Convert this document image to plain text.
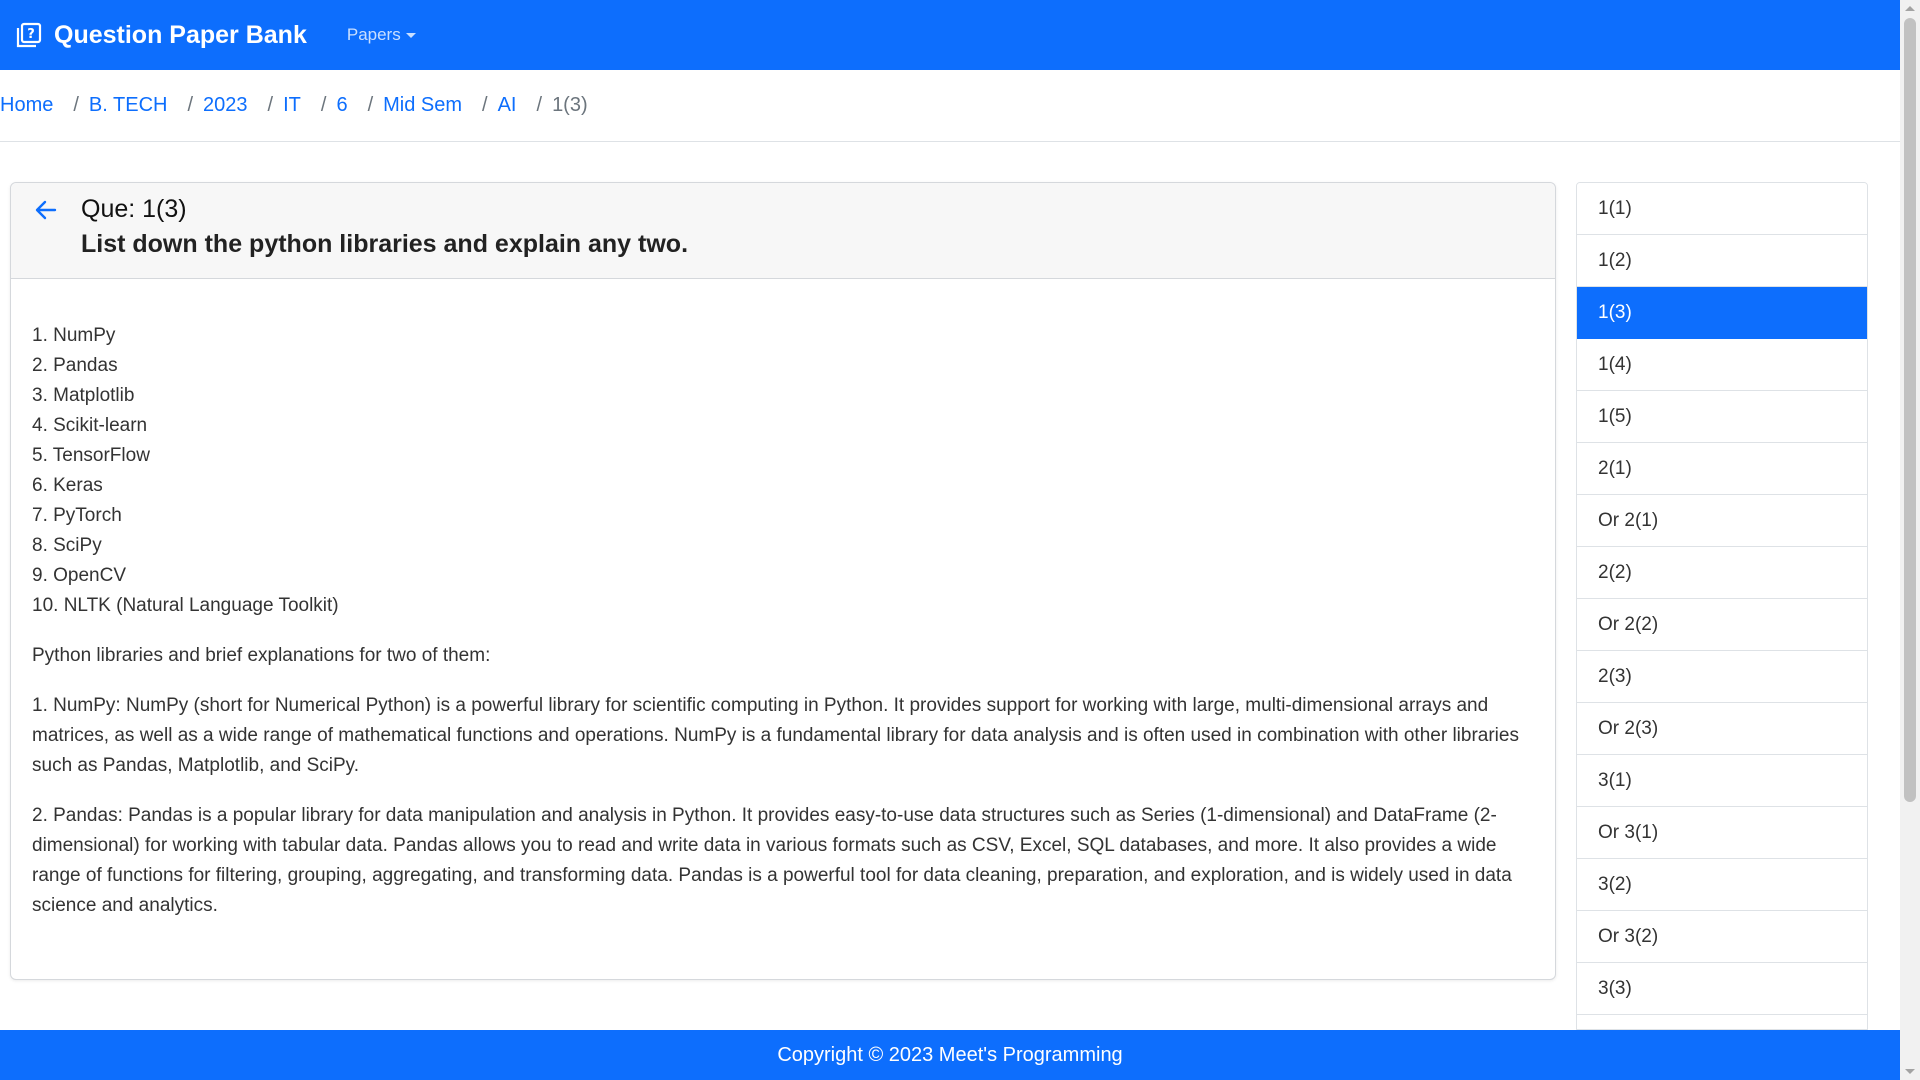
? Question Paper Bank Papers
Home / B. TECH / 2023 / IT / 6 / Mid Sem / AI / 1(3)
Que: 1(3)
List down the python libraries and explain any two.

1. NumPy

2. Pandas

3. Matplotlib

4. Scikit-learn

5. TensorFlow

6. Keras

7. PyTorch

8. SciPy

9. OpenCV

10. NLTK (Natural Language Toolkit)

Python libraries and brief explanations for two of them:

1. NumPy: NumPy (short for Numerical Python) is a powerful library for scientific computing in Python. It provides support for working with large, multi-dimensional arrays and matrices, as well as a wide range of mathematical functions and operations. NumPy is a fundamental library for data analysis and is often used in combination with other libraries such as Pandas, Matplotlib, and SciPy.

2. Pandas: Pandas is a popular library for data manipulation and analysis in Python. It provides easy-to-use data structures such as Series (1-dimensional) and DataFrame (2-dimensional) for working with tabular data. Pandas allows you to read and write data in various formats such as CSV, Excel, SQL databases, and more. It also provides a wide range of functions for filtering, grouping, aggregating, and transforming data. Pandas is a powerful tool for data cleaning, preparation, and exploration, and is widely used in data science and analytics.

1(1)
1(2)
1(3)
1(4)
1(5)
2(1)
Or 2(1)
2(2)
Or 2(2)
2(3)
Or 2(3)
3(1)
Or 3(1)
3(2)
Or 3(2)
3(3)
Copyright © 2023 Meet's Programming
